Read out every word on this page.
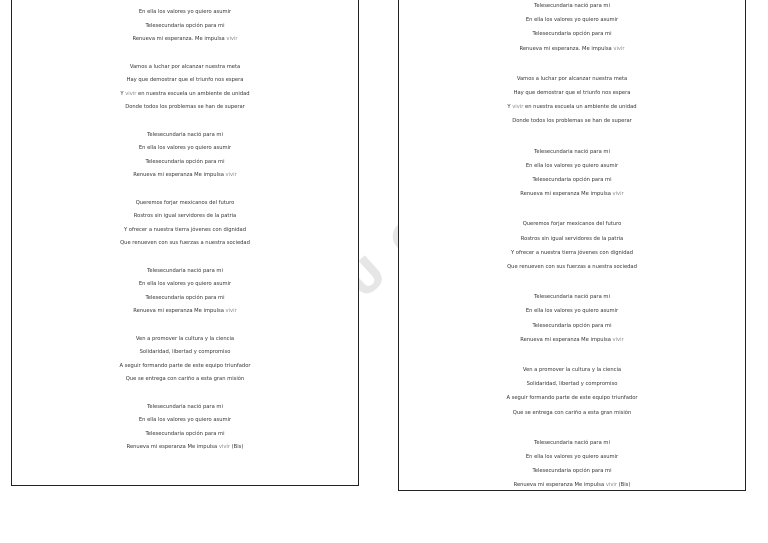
Ü
En ella los valores yo quiero asumir
Telesecundaria opción para mi
Renueva mi esperanza. Me impulsa vivir
Vamos a luchar por alcanzar nuestra meta
Hay que demostrar que el triunfo nos espera
Y vivir en nuestra escuela un ambiente de unidad
Donde todos los problemas se han de superar
Telesecundaria nació para mi
En ella los valores yo quiero asumir
Telesecundaria opción para mi
Renueva mi esperanza Me impulsa vivir
Queremos forjar mexicanos del futuro
Rostros sin igual servidores de la patria
Y ofrecer a nuestra tierra jóvenes con dignidad
Que renueven con sus fuerzas a nuestra sociedad
Telesecundaria nació para mi
En ella los valores yo quiero asumir
Telesecundaria opción para mi
Renueva mi esperanza Me impulsa vivir
Ven a promover la cultura y la ciencia
Solidaridad, libertad y compromiso
A seguir formando parte de este equipo triunfador
Que se entrega con cariño a esta gran misión
Telesecundaria nació para mi
En ella los valores yo quiero asumir
Telesecundaria opción para mi
Renueva mi esperanza Me impulsa vivir (Bis)
Telesecundaria nació para mi
En ella los valores yo quiero asumir
Telesecundaria opción para mi
Renueva mi esperanza. Me impulsa vivir
Vamos a luchar por alcanzar nuestra meta
Hay que demostrar que el triunfo nos espera
Y vivir en nuestra escuela un ambiente de unidad
Donde todos los problemas se han de superar
Telesecundaria nació para mi
En ella los valores yo quiero asumir
Telesecundaria opción para mi
Renueva mi esperanza Me impulsa vivir
Queremos forjar mexicanos del futuro
Rostros sin igual servidores de la patria
Y ofrecer a nuestra tierra jóvenes con dignidad
Que renueven con sus fuerzas a nuestra sociedad
Telesecundaria nació para mi
En ella los valores yo quiero asumir
Telesecundaria opción para mi
Renueva mi esperanza Me impulsa vivir
Ven a promover la cultura y la ciencia
Solidaridad, libertad y compromiso
A seguir formando parte de este equipo triunfador
Que se entrega con cariño a esta gran misión
Telesecundaria nació para mi
En ella los valores yo quiero asumir
Telesecundaria opción para mi
Renueva mi esperanza Me impulsa vivir (Bis)
